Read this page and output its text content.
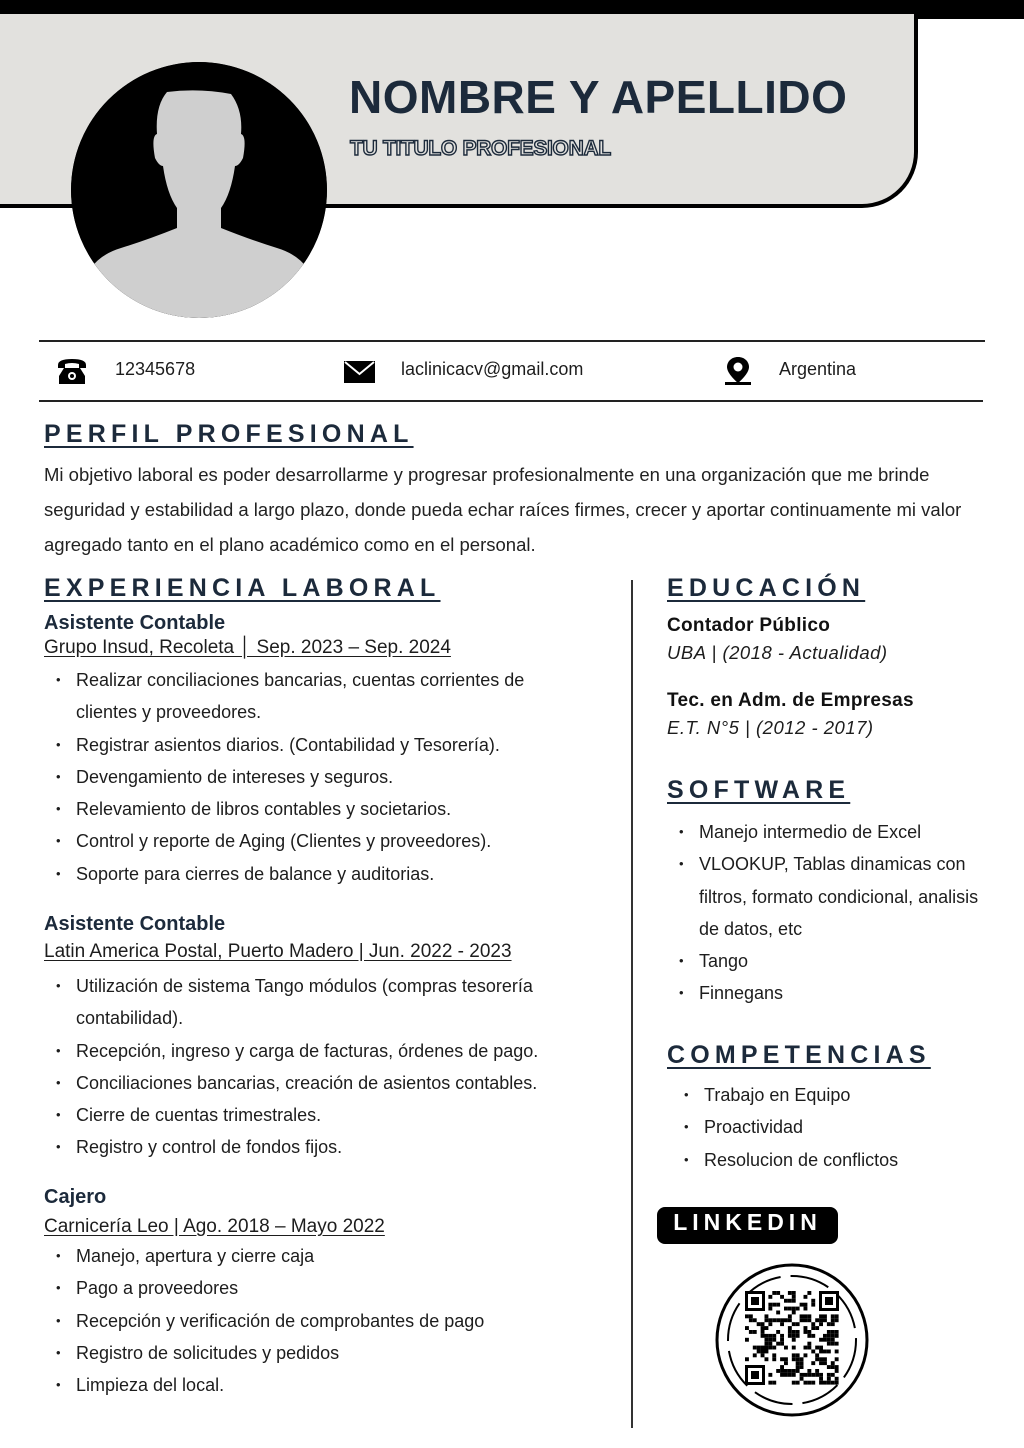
NOMBRE Y APELLIDO
TU TITULO PROFESIONAL
12345678	laclinicacv@gmail.com	Argentina
PERFIL PROFESIONAL

Mi objetivo laboral es poder desarrollarme y progresar profesionalmente en una organización que me brinde seguridad y estabilidad a largo plazo, donde pueda echar raíces firmes, crecer y aportar continuamente mi valor agregado tanto en el plano académico como en el personal.

EXPERIENCIA LABORAL
Asistente Contable
Grupo Insud, Recoleta │ Sep. 2023 – Sep. 2024
• Realizar conciliaciones bancarias, cuentas corrientes de clientes y proveedores.
• Registrar asientos diarios. (Contabilidad y Tesorería).
• Devengamiento de intereses y seguros.
• Relevamiento de libros contables y societarios.
• Control y reporte de Aging (Clientes y proveedores).
• Soporte para cierres de balance y auditorias.
Asistente Contable
Latin America Postal, Puerto Madero | Jun. 2022 - 2023
• Utilización de sistema Tango módulos (compras tesorería contabilidad).
• Recepción, ingreso y carga de facturas, órdenes de pago.
• Conciliaciones bancarias, creación de asientos contables.
• Cierre de cuentas trimestrales.
• Registro y control de fondos fijos.
Cajero
Carnicería Leo | Ago. 2018 – Mayo 2022
• Manejo, apertura y cierre caja
• Pago a proveedores
• Recepción y verificación de comprobantes de pago
• Registro de solicitudes y pedidos
• Limpieza del local.
EDUCACIÓN
Contador Público
UBA | (2018 - Actualidad)
Tec. en Adm. de Empresas
E.T. N°5 | (2012 - 2017)
SOFTWARE
• Manejo intermedio de Excel
• VLOOKUP, Tablas dinamicas con filtros, formato condicional, analisis de datos, etc
• Tango
• Finnegans
COMPETENCIAS
• Trabajo en Equipo
• Proactividad
• Resolucion de conflictos
LINKEDIN
